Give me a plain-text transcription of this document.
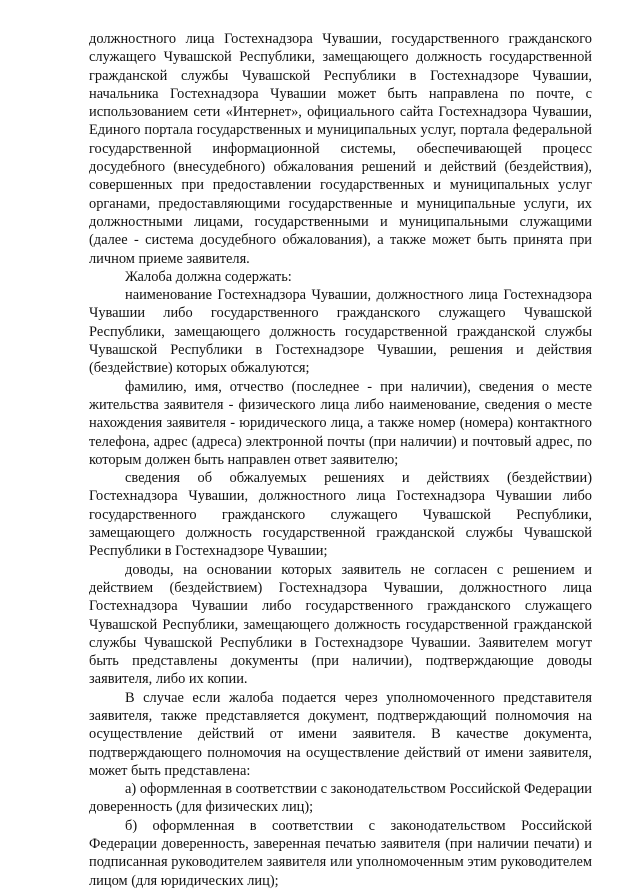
должностного лица Гостехнадзора Чувашии, государственного гражданского служащего Чувашской Республики, замещающего должность государственной гражданской службы Чувашской Республики в Гостехнадзоре Чувашии, начальника Гостехнадзора Чувашии может быть направлена по почте, с использованием сети «Интернет», официального сайта Гостехнадзора Чувашии, Единого портала государственных и муниципальных услуг, портала федеральной государственной информационной системы, обеспечивающей процесс досудебного (внесудебного) обжалования решений и действий (бездействия), совершенных при предоставлении государственных и муниципальных услуг органами, предоставляющими государственные и муниципальные услуги, их должностными лицами, государственными и муниципальными служащими (далее - система досудебного обжалования), а также может быть принята при личном приеме заявителя.

Жалоба должна содержать:

наименование Гостехнадзора Чувашии, должностного лица Гостехнадзора Чувашии либо государственного гражданского служащего Чувашской Республики, замещающего должность государственной гражданской службы Чувашской Республики в Гостехнадзоре Чувашии, решения и действия (бездействие) которых обжалуются;

фамилию, имя, отчество (последнее - при наличии), сведения о месте жительства заявителя - физического лица либо наименование, сведения о месте нахождения заявителя - юридического лица, а также номер (номера) контактного телефона, адрес (адреса) электронной почты (при наличии) и почтовый адрес, по которым должен быть направлен ответ заявителю;

сведения об обжалуемых решениях и действиях (бездействии) Гостехнадзора Чувашии, должностного лица Гостехнадзора Чувашии либо государственного гражданского служащего Чувашской Республики, замещающего должность государственной гражданской службы Чувашской Республики в Гостехнадзоре Чувашии;

доводы, на основании которых заявитель не согласен с решением и действием (бездействием) Гостехнадзора Чувашии, должностного лица Гостехнадзора Чувашии либо государственного гражданского служащего Чувашской Республики, замещающего должность государственной гражданской службы Чувашской Республики в Гостехнадзоре Чувашии. Заявителем могут быть представлены документы (при наличии), подтверждающие доводы заявителя, либо их копии.

В случае если жалоба подается через уполномоченного представителя заявителя, также представляется документ, подтверждающий полномочия на осуществление действий от имени заявителя. В качестве документа, подтверждающего полномочия на осуществление действий от имени заявителя, может быть представлена:

а) оформленная в соответствии с законодательством Российской Федерации доверенность (для физических лиц);

б) оформленная в соответствии с законодательством Российской Федерации доверенность, заверенная печатью заявителя (при наличии печати) и подписанная руководителем заявителя или уполномоченным этим руководителем лицом (для юридических лиц);
